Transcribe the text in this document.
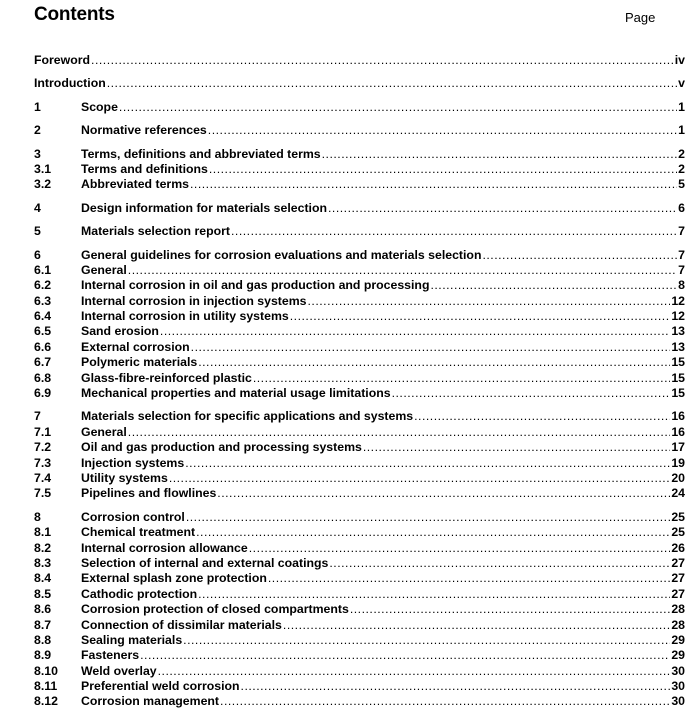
Contents	Page
Foreword .....	iv
Introduction .....	v
1	Scope .....	1
2	Normative references .....	1
3	Terms, definitions and abbreviated terms .....	2
3.1	Terms and definitions .....	2
3.2	Abbreviated terms .....	5
4	Design information for materials selection .....	6
5	Materials selection report .....	7
6	General guidelines for corrosion evaluations and materials selection .....	7
6.1	General .....	7
6.2	Internal corrosion in oil and gas production and processing .....	8
6.3	Internal corrosion in injection systems .....	12
6.4	Internal corrosion in utility systems .....	12
6.5	Sand erosion .....	13
6.6	External corrosion .....	13
6.7	Polymeric materials .....	15
6.8	Glass-fibre-reinforced plastic .....	15
6.9	Mechanical properties and material usage limitations .....	15
7	Materials selection for specific applications and systems .....	16
7.1	General .....	16
7.2	Oil and gas production and processing systems .....	17
7.3	Injection systems .....	19
7.4	Utility systems .....	20
7.5	Pipelines and flowlines .....	24
8	Corrosion control .....	25
8.1	Chemical treatment .....	25
8.2	Internal corrosion allowance .....	26
8.3	Selection of internal and external coatings .....	27
8.4	External splash zone protection .....	27
8.5	Cathodic protection .....	27
8.6	Corrosion protection of closed compartments .....	28
8.7	Connection of dissimilar materials .....	28
8.8	Sealing materials .....	29
8.9	Fasteners .....	29
8.10	Weld overlay .....	30
8.11	Preferential weld corrosion .....	30
8.12	Corrosion management .....	30
